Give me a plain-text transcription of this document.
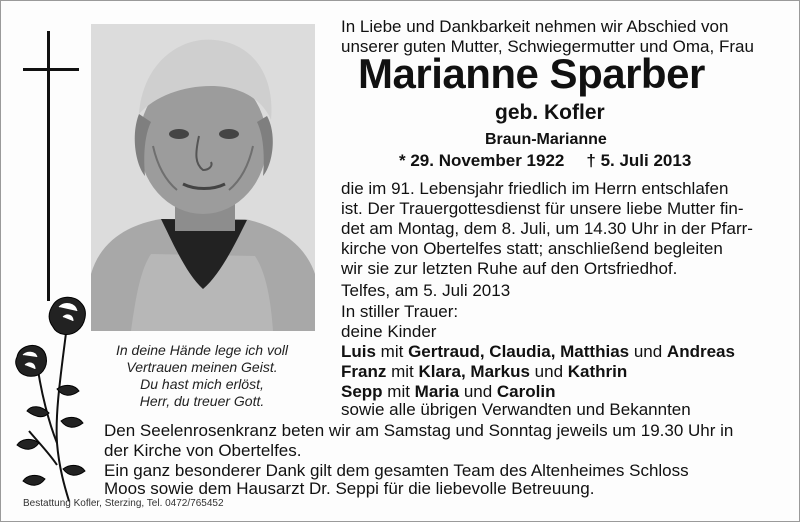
In deine Hände lege ich voll
Vertrauen meinen Geist.
Du hast mich erlöst,
Herr, du treuer Gott.
In Liebe und Dankbarkeit nehmen wir Abschied von
unserer guten Mutter, Schwiegermutter und Oma, Frau
Marianne Sparber
geb. Kofler
Braun-Marianne
* 29. November 1922 † 5. Juli 2013
die im 91. Lebensjahr friedlich im Herrn entschlafen
ist. Der Trauergottesdienst für unsere liebe Mutter fin-
det am Montag, dem 8. Juli, um 14.30 Uhr in der Pfarr-
kirche von Obertelfes statt; anschließend begleiten
wir sie zur letzten Ruhe auf den Ortsfriedhof.
Telfes, am 5. Juli 2013
In stiller Trauer:
deine Kinder
Luis mit Gertraud, Claudia, Matthias und Andreas
Franz mit Klara, Markus und Kathrin
Sepp mit Maria und Carolin
sowie alle übrigen Verwandten und Bekannten
Den Seelenrosenkranz beten wir am Samstag und Sonntag jeweils um 19.30 Uhr in
der Kirche von Obertelfes.
Ein ganz besonderer Dank gilt dem gesamten Team des Altenheimes Schloss
Moos sowie dem Hausarzt Dr. Seppi für die liebevolle Betreuung.
Bestattung Kofler, Sterzing, Tel. 0472/765452
